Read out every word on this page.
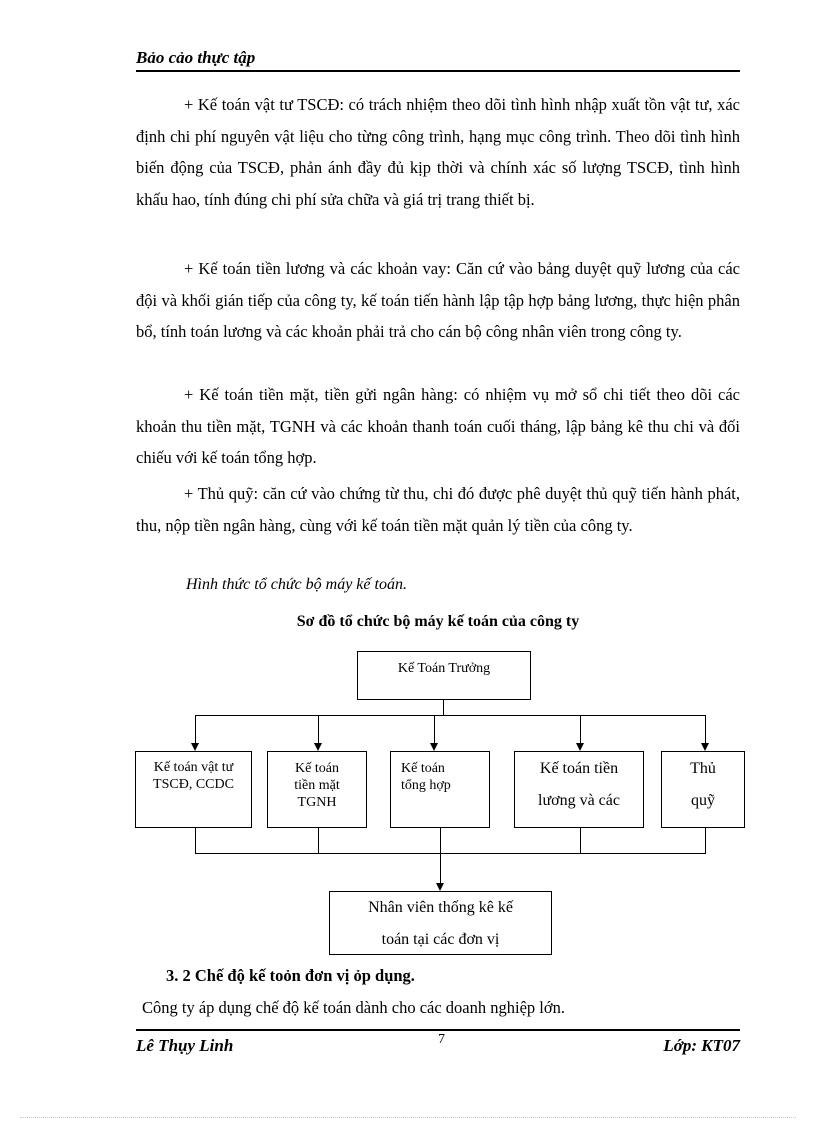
Bảo cảo thực tập

+ Kế toán vật tư TSCĐ: có trách nhiệm theo dõi tình hình nhập xuất tồn vật tư, xác định chi phí nguyên vật liệu cho từng công trình, hạng mục công trình. Theo dõi tình hình biến động của TSCĐ, phản ánh đầy đủ kịp thời và chính xác số lượng TSCĐ, tình hình khấu hao, tính đúng chi phí sửa chữa và giá trị trang thiết bị.

+ Kế toán tiền lương và các khoản vay: Căn cứ vào bảng duyệt quỹ lương của các đội và khối gián tiếp của công ty, kế toán tiến hành lập tập hợp bảng lương, thực hiện phân bổ, tính toán lương và các khoản phải trả cho cán bộ công nhân viên trong công ty.

+ Kế toán tiền mặt, tiền gửi ngân hàng: có nhiệm vụ mở sổ chi tiết theo dõi các khoản thu tiền mặt, TGNH và các khoản thanh toán cuối tháng, lập bảng kê thu chi và đối chiếu với kế toán tổng hợp.

+ Thủ quỹ: căn cứ vào chứng từ thu, chi đó được phê duyệt thủ quỹ tiến hành phát, thu, nộp tiền ngân hàng, cùng với kế toán tiền mặt quản lý tiền của công ty.

Hình thức tổ chức bộ máy kế toán.
Sơ đồ tổ chức bộ máy kế toán của công ty
Kế Toán Trưởng
Kế toán vật tư
TSCĐ, CCDC
Kế toán
tiền mặt
TGNH
Kế toán
tổng hợp
Kế toán tiền
lương và các
Thủ
quỹ
Nhân viên thống kê kế
toán tại các đơn vị
3. 2 Chế độ kế toỏn đơn vị ỏp dụng.
Công ty áp dụng chế độ kế toán dành cho các doanh nghiệp lớn.
Lê Thụy Linh	7	Lớp: KT07
